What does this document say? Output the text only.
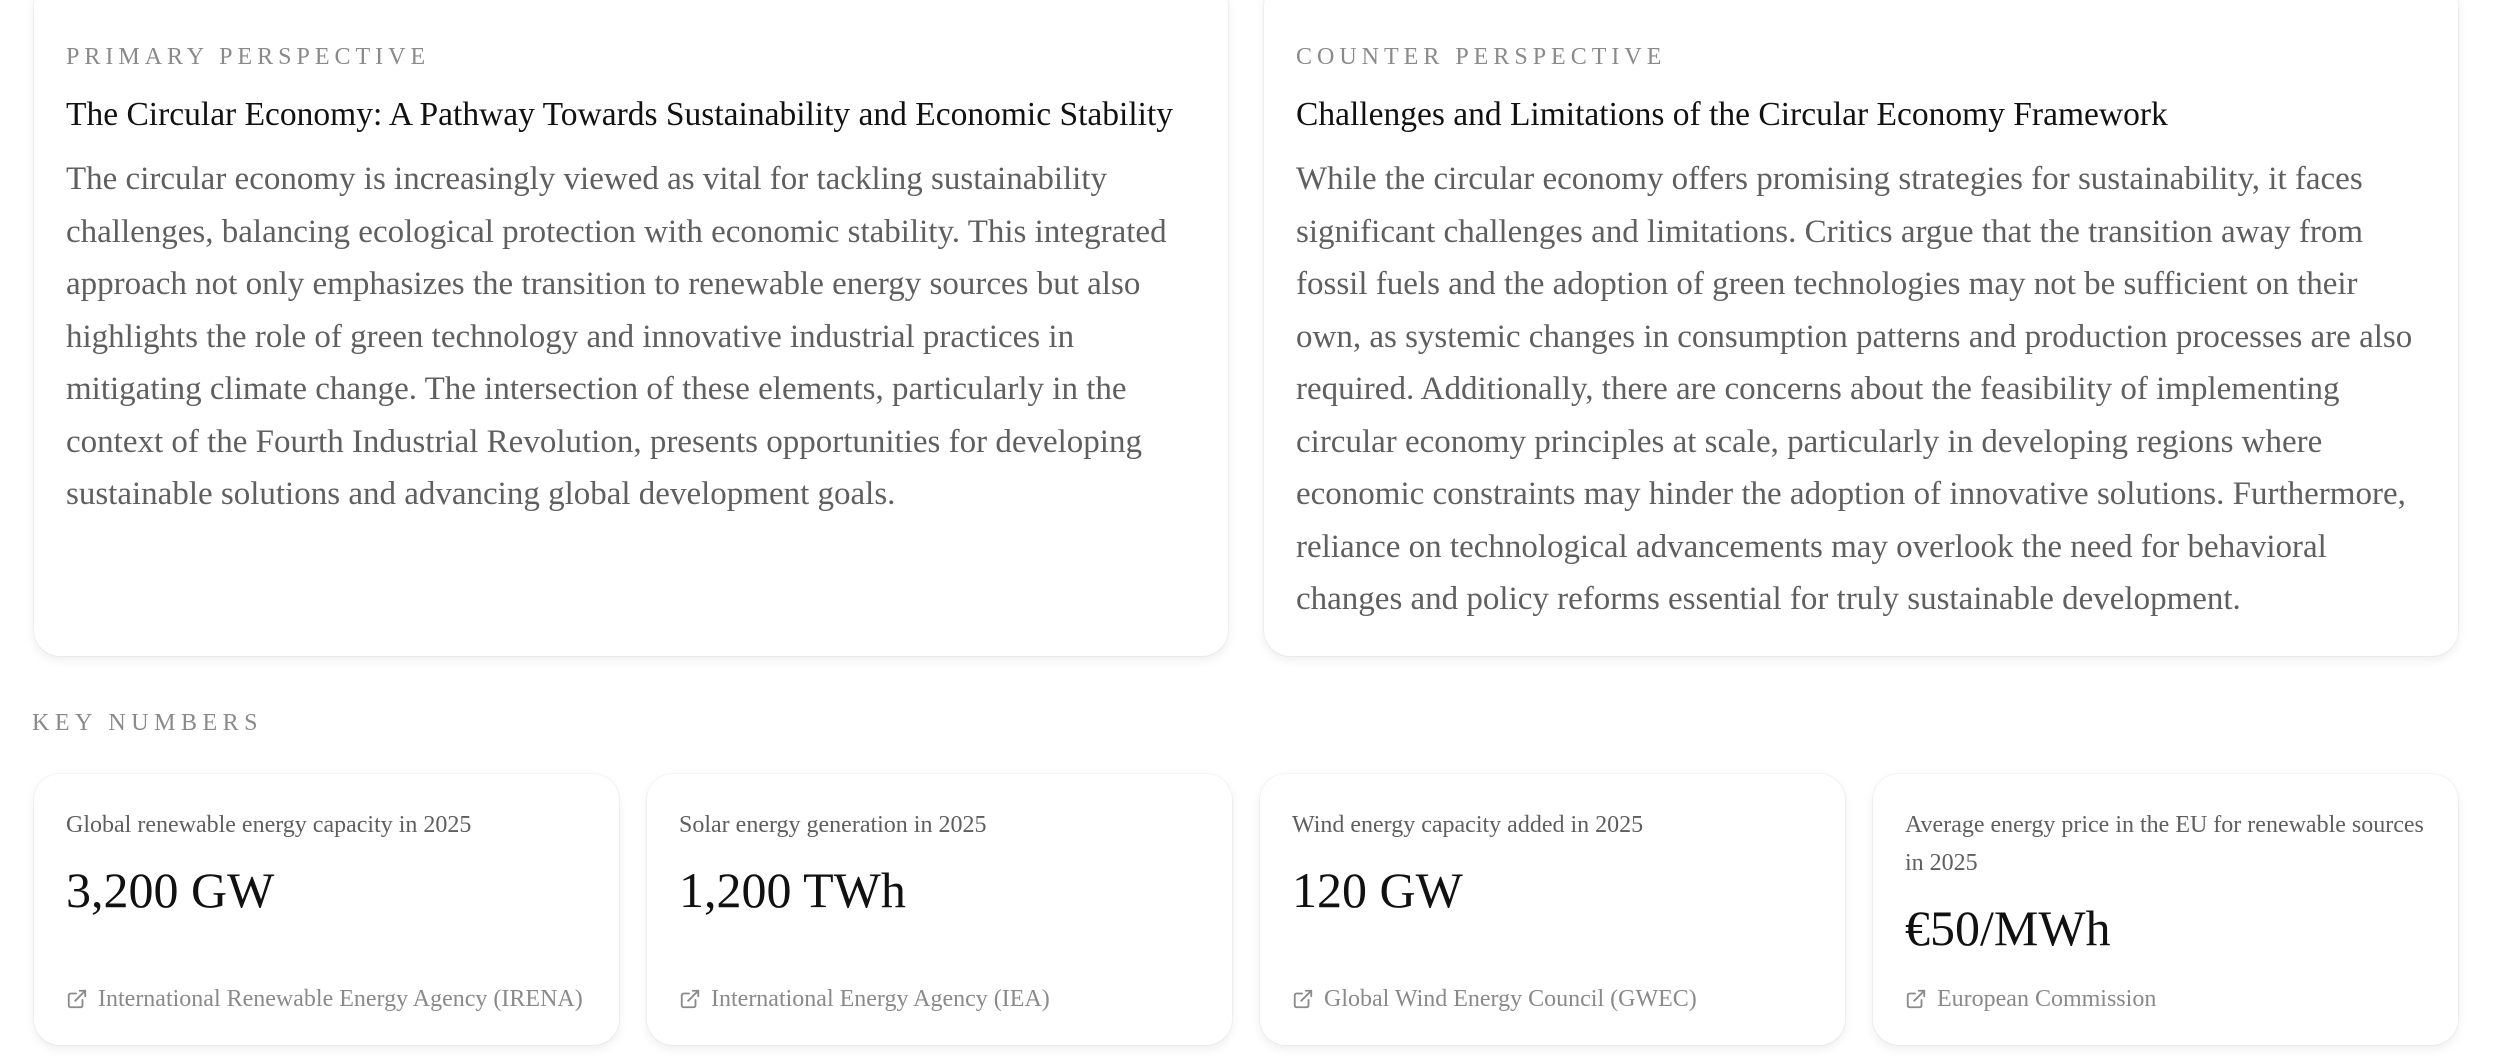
PRIMARY PERSPECTIVE

The Circular Economy: A Pathway Towards Sustainability and Economic Stability

The circular economy is increasingly viewed as vital for tackling sustainability challenges, balancing ecological protection with economic stability. This integrated approach not only emphasizes the transition to renewable energy sources but also highlights the role of green technology and innovative industrial practices in mitigating climate change. The intersection of these elements, particularly in the context of the Fourth Industrial Revolution, presents opportunities for developing sustainable solutions and advancing global development goals.

COUNTER PERSPECTIVE

Challenges and Limitations of the Circular Economy Framework

While the circular economy offers promising strategies for sustainability, it faces significant challenges and limitations. Critics argue that the transition away from fossil fuels and the adoption of green technologies may not be sufficient on their own, as systemic changes in consumption patterns and production processes are also required. Additionally, there are concerns about the feasibility of implementing circular economy principles at scale, particularly in developing regions where economic constraints may hinder the adoption of innovative solutions. Furthermore, reliance on technological advancements may overlook the need for behavioral changes and policy reforms essential for truly sustainable development.

KEY NUMBERS

Global renewable energy capacity in 2025

3,200 GW

International Renewable Energy Agency (IRENA)

Solar energy generation in 2025

1,200 TWh

International Energy Agency (IEA)

Wind energy capacity added in 2025

120 GW

Global Wind Energy Council (GWEC)

Average energy price in the EU for renewable sources in 2025

€50/MWh

European Commission
